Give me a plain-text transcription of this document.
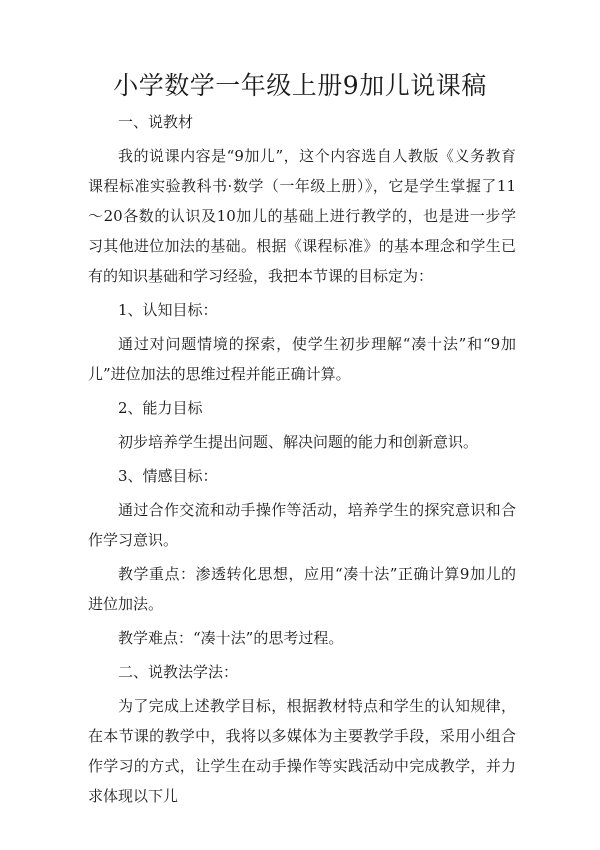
小学数学一年级上册9加儿说课稿

一、说教材

我的说课内容是“9加儿”，这个内容选自人教版《义务教育课程标准实验教科书·数学（一年级上册）》，它是学生掌握了11～20各数的认识及10加儿的基础上进行教学的，也是进一步学习其他进位加法的基础。根据《课程标准》的基本理念和学生已有的知识基础和学习经验，我把本节课的目标定为：

1、认知目标：

通过对问题情境的探索，使学生初步理解“凑十法”和“9加儿”进位加法的思维过程并能正确计算。

2、能力目标

初步培养学生提出问题、解决问题的能力和创新意识。

3、情感目标：

通过合作交流和动手操作等活动，培养学生的探究意识和合作学习意识。

教学重点：渗透转化思想，应用“凑十法”正确计算9加儿的进位加法。

教学难点：“凑十法”的思考过程。

二、说教法学法：

为了完成上述教学目标，根据教材特点和学生的认知规律，在本节课的教学中，我将以多媒体为主要教学手段，采用小组合作学习的方式，让学生在动手操作等实践活动中完成教学，并力求体现以下儿
